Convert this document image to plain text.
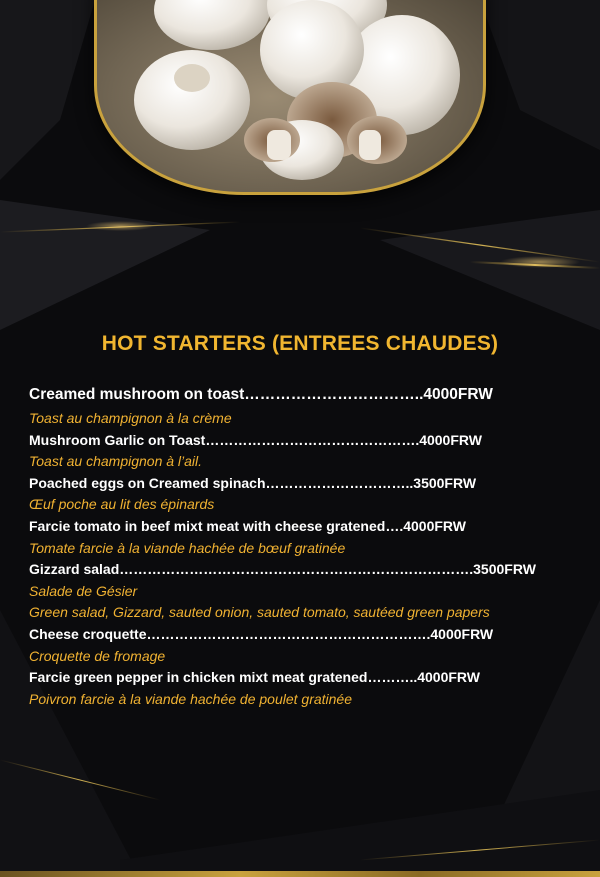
HOT STARTERS (ENTREES CHAUDES)
Creamed mushroom on toast……………………………..4000FRW
Toast au champignon à la crème
Mushroom Garlic on Toast……………………………………….4000FRW
Toast au champignon à l’ail.
Poached eggs on Creamed spinach…………………………..3500FRW
Œuf poche au lit des épinards
Farcie tomato in beef mixt meat with cheese gratened….4000FRW
Tomate farcie à la viande hachée de bœuf gratinée
Gizzard salad………………………………………………………………….3500FRW
Salade de Gésier
Green salad, Gizzard, sauted onion, sauted tomato, sautéed green papers
Cheese croquette…………………………………………………….4000FRW
Croquette de fromage
Farcie green pepper in chicken mixt meat gratened………..4000FRW
Poivron farcie à la viande hachée de poulet gratinée
